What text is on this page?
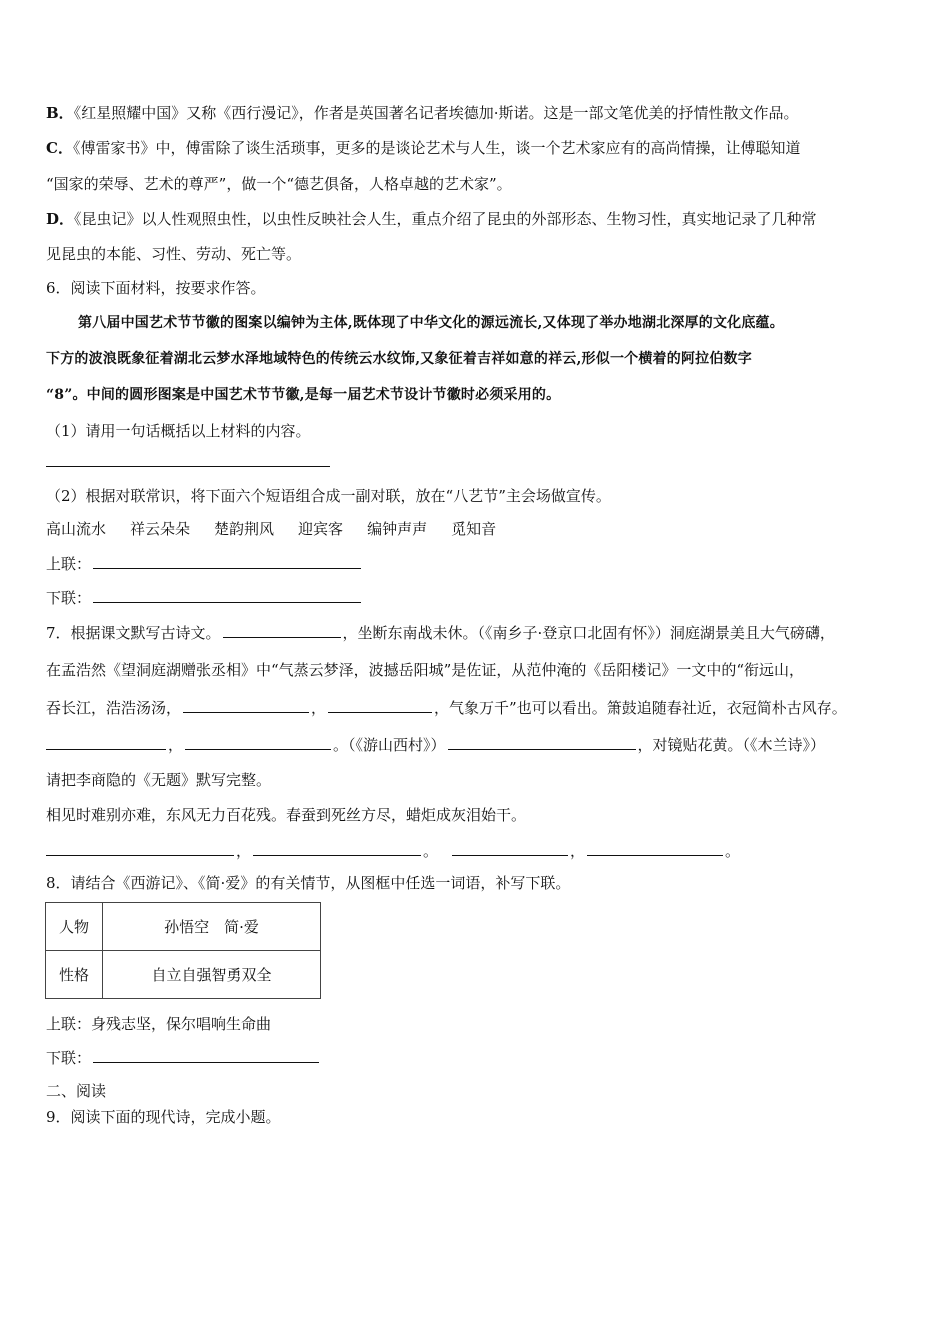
B．《红星照耀中国》又称《西行漫记》，作者是英国著名记者埃德加·斯诺。这是一部文笔优美的抒情性散文作品。
C．《傅雷家书》中，傅雷除了谈生活琐事，更多的是谈论艺术与人生，谈一个艺术家应有的高尚情操，让傅聪知道
“国家的荣辱、艺术的尊严”，做一个“德艺俱备，人格卓越的艺术家”。
D．《昆虫记》以人性观照虫性，以虫性反映社会人生，重点介绍了昆虫的外部形态、生物习性，真实地记录了几种常
见昆虫的本能、习性、劳动、死亡等。
6．阅读下面材料，按要求作答。
第八届中国艺术节节徽的图案以编钟为主体,既体现了中华文化的源远流长,又体现了举办地湖北深厚的文化底蕴。
下方的波浪既象征着湖北云梦水泽地域特色的传统云水纹饰,又象征着吉祥如意的祥云,形似一个横着的阿拉伯数字
“8”。中间的圆形图案是中国艺术节节徽,是每一届艺术节设计节徽时必须采用的。
（1）请用一句话概括以上材料的内容。
（2）根据对联常识，将下面六个短语组合成一副对联，放在“八艺节”主会场做宣传。
高山流水 祥云朵朵 楚韵荆风 迎宾客 编钟声声 觅知音
上联：
下联：
7．根据课文默写古诗文。	，坐断东南战未休。（《南乡子·登京口北固有怀》）洞庭湖景美且大气磅礴，
在孟浩然《望洞庭湖赠张丞相》中“气蒸云梦泽，波撼岳阳城”是佐证，从范仲淹的《岳阳楼记》一文中的“衔远山，
吞长江，浩浩汤汤，	，	，气象万千”也可以看出。箫鼓追随春社近，衣冠简朴古风存。
，	。（《游山西村》）	，对镜贴花黄。（《木兰诗》）
请把李商隐的《无题》默写完整。
相见时难别亦难，东风无力百花残。春蚕到死丝方尽，蜡炬成灰泪始干。
，	。	，	。
8．请结合《西游记》、《简·爱》的有关情节，从图框中任选一词语，补写下联。
人物	孙悟空　简·爱
性格	自立自强智勇双全
上联：身残志坚，保尔唱响生命曲
下联：
二、阅读
9．阅读下面的现代诗，完成小题。
